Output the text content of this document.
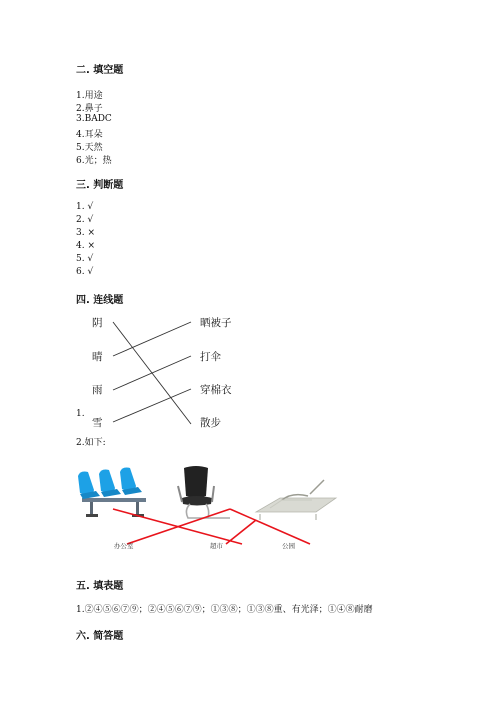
二. 填空题
1.用途
2.鼻子
3.BADC
4.耳朵
5.天然
6.光；热
三. 判断题
1. √
2. √
3. ×
4. ×
5. √
6. √
四. 连线题
阴
晴
雨
1.
雪
晒被子
打伞
穿棉衣
散步
2.如下:
办公室	超市	公园
五. 填表题
1.②④⑤⑥⑦⑨；②④⑤⑥⑦⑨；①③⑧；①③⑧重、有光泽；①④⑧耐磨
六. 简答题
